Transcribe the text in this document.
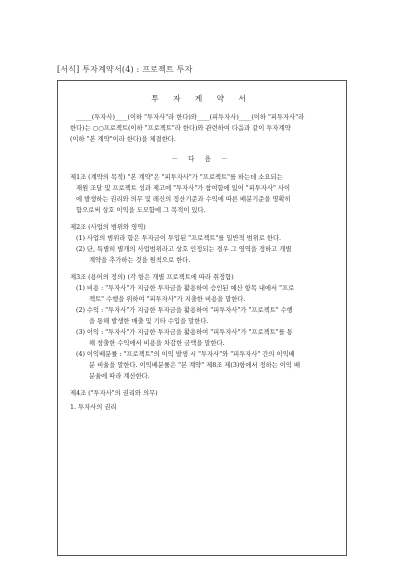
[서식] 투자계약서(4) : 프로젝트 투자
투 자 계 약 서

_____(투자사)____(이하 "투자사"라 한다)와____(피투자사)____(이하 "피투자사"라
한다)는 ○○프로젝트(이하 "프로젝트"라 한다)와 관련하여 다음과 같이 투자계약
(이하 "본 계약"이라 한다)을 체결한다.

－ 다 음 －

제1조 (계약의 목적) "본 계약"은 "피투자사"가 "프로젝트"를 하는데 소요되는

재원 조달 및 프로젝트 성과 제고에 "투자사"가 참여함에 있어 "피투자사" 사이
에 발생하는 권리와 의무 및 레신의 정산기준과 수익에 따른 배분기준을 명확히
함으로써 상호 이익을 도모함에 그 목적이 있다.

제2조 (사업의 범위와 영역)

(1) 사업의 범위라 함은 투자금이 투입된 "프로젝트"를 일반적 범위로 한다.

(2) 단, 특별히 별개의 사업범위라고 상호 인정되는 경우 그 영역을 정하고 개별
계약을 추가하는 것을 원칙으로 한다.

제3조 (용어의 정의) (각 항은 개별 프로젝트에 따라 취정함)

(1) 비용 : "투자사"가 지급한 투자금을 활용하여 승인된 예산 항목 내에서 "프로
젝트" 수행을 위하여 "피투자사"가 지출한 비용을 말한다.

(2) 수익 : "투자사"가 지급한 투자금을 활용하여 "피투자사"가 "프로젝트" 수행
을 통해 발생한 매출 및 기타 수입을 말한다.

(3) 이익 : "투자사"가 지급한 투자금을 활용하여 "피투자사"가 "프로젝트"를 통
해 창출한 수익에서 비용을 차감한 금액을 말한다.

(4) 이익배분률 : "프로젝트"의 이익 발생 시 "투자사"와 "피투자사" 간의 이익배
분 비율을 말한다. 이익배분률은 "본 계약" 제8조 제(3)항에서 정하는 이익 배
분율에 따라 계산한다.

제4조 ("투자사"의 권리와 의무)

1. 투자사의 권리
